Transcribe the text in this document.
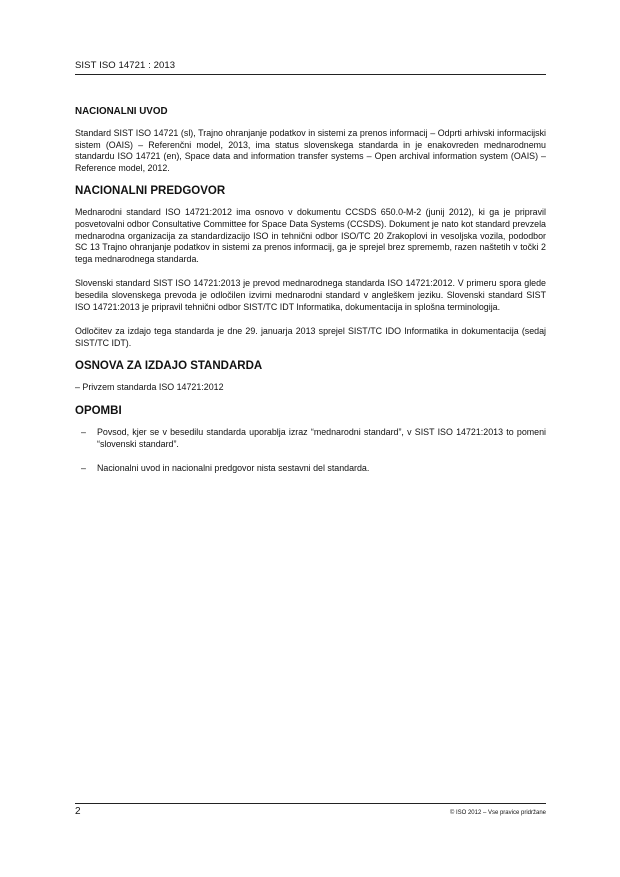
SIST ISO 14721 : 2013
NACIONALNI UVOD

Standard SIST ISO 14721 (sl), Trajno ohranjanje podatkov in sistemi za prenos informacij – Odprti arhivski informacijski sistem (OAIS) – Referenčni model, 2013, ima status slovenskega standarda in je enakovreden mednarodnemu standardu ISO 14721 (en), Space data and information transfer systems – Open archival information system (OAIS) – Reference model, 2012.

NACIONALNI PREDGOVOR

Mednarodni standard ISO 14721:2012 ima osnovo v dokumentu CCSDS 650.0-M-2 (junij 2012), ki ga je pripravil posvetovalni odbor Consultative Committee for Space Data Systems (CCSDS). Dokument je nato kot standard prevzela mednarodna organizacija za standardizacijo ISO in tehnični odbor ISO/TC 20 Zrakoplovi in vesoljska vozila, pododbor SC 13 Trajno ohranjanje podatkov in sistemi za prenos informacij, ga je sprejel brez sprememb, razen naštetih v točki 2 tega mednarodnega standarda.

Slovenski standard SIST ISO 14721:2013 je prevod mednarodnega standarda ISO 14721:2012. V primeru spora glede besedila slovenskega prevoda je odločilen izvirni mednarodni standard v angleškem jeziku. Slovenski standard SIST ISO 14721:2013 je pripravil tehnični odbor SIST/TC IDT Informatika, dokumentacija in splošna terminologija.

Odločitev za izdajo tega standarda je dne 29. januarja 2013 sprejel SIST/TC IDO Informatika in dokumentacija (sedaj SIST/TC IDT).

OSNOVA ZA IZDAJO STANDARDA

– Privzem standarda ISO 14721:2012

OPOMBI
– Povsod, kjer se v besedilu standarda uporablja izraz “mednarodni standard”, v SIST ISO 14721:2013 to pomeni “slovenski standard”.
– Nacionalni uvod in nacionalni predgovor nista sestavni del standarda.
2	© ISO 2012 – Vse pravice pridržane
